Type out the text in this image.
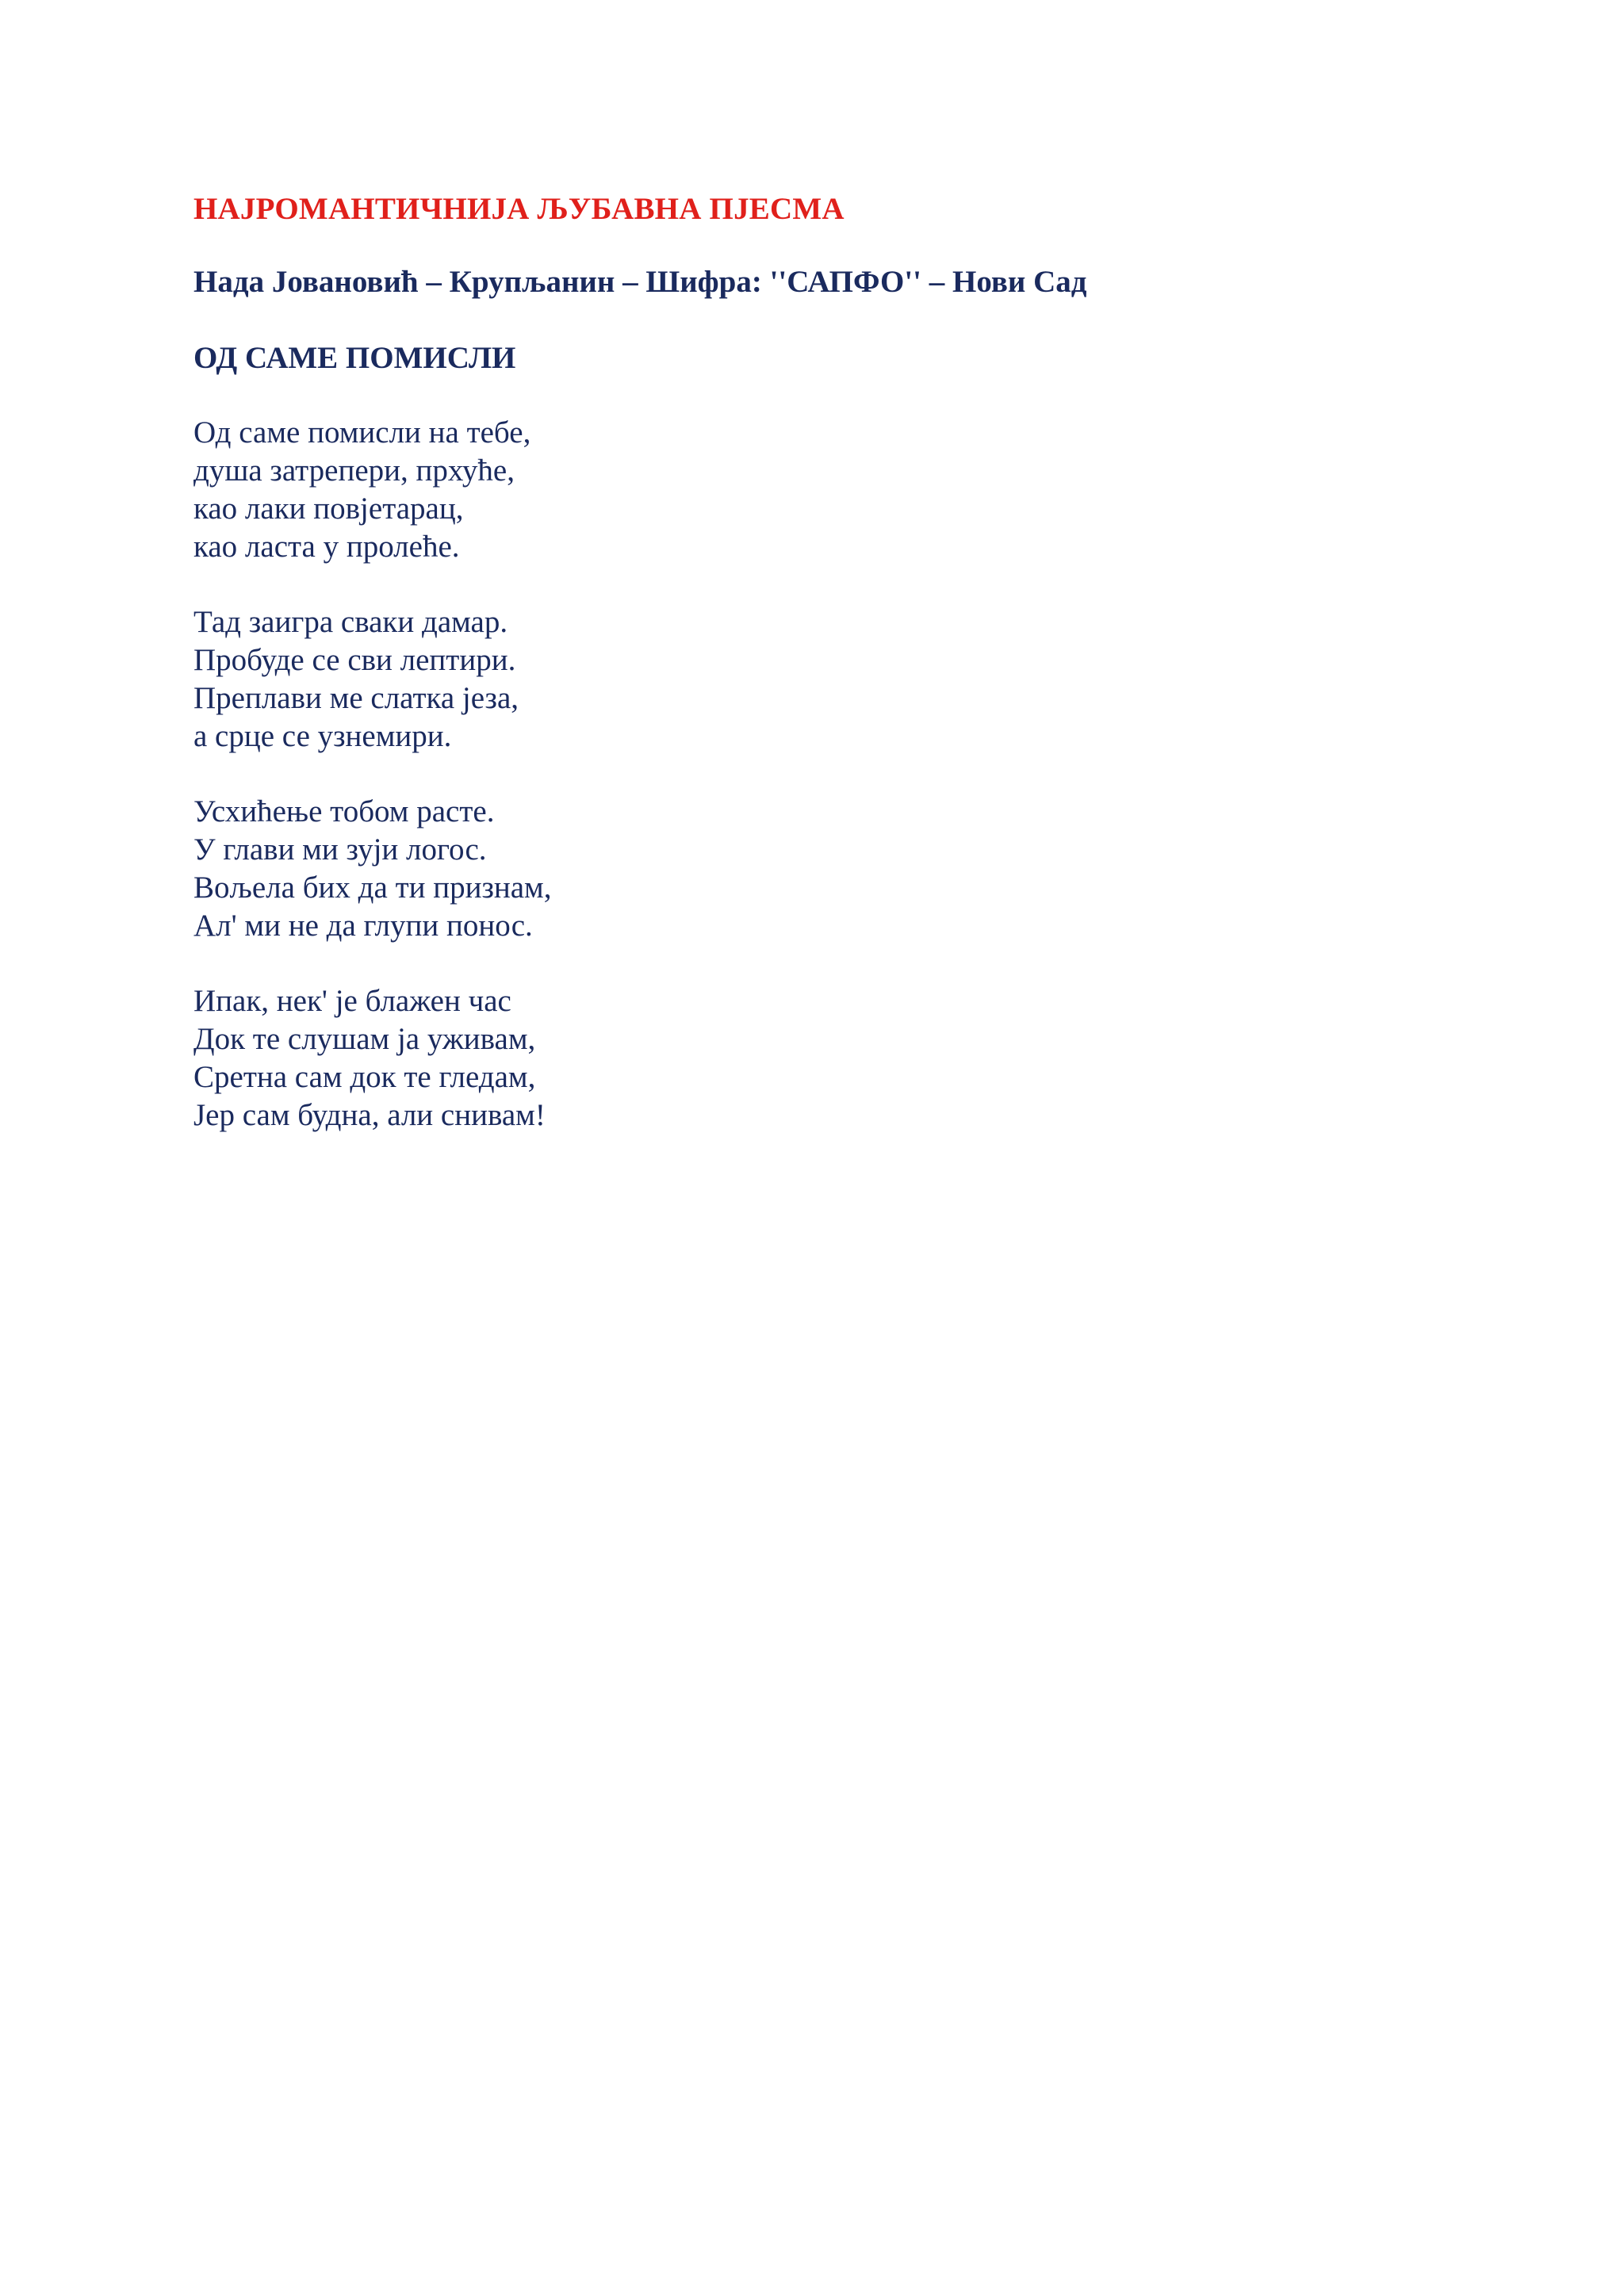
НАЈРОМАНТИЧНИЈА ЉУБАВНА ПЈЕСМА

Нада Јовановић – Крупљанин – Шифра: ''САПФО'' – Нови Сад

ОД САМЕ ПОМИСЛИ

Од саме помисли на тебе,

душа затрепери, прхуће,

као лаки повјетарац,

као ласта у пролеће.

Тад заигра сваки дамар.

Пробуде се сви лептири.

Преплави ме слатка језа,

а срце се узнемири.

Усхићење тобом расте.

У глави ми зуји логос.

Вољела бих да ти признам,

Ал' ми не да глупи понос.

Ипак, нек' је блажен час

Док те слушам ја уживам,

Сретна сам док те гледам,

Јер сам будна, али снивам!
